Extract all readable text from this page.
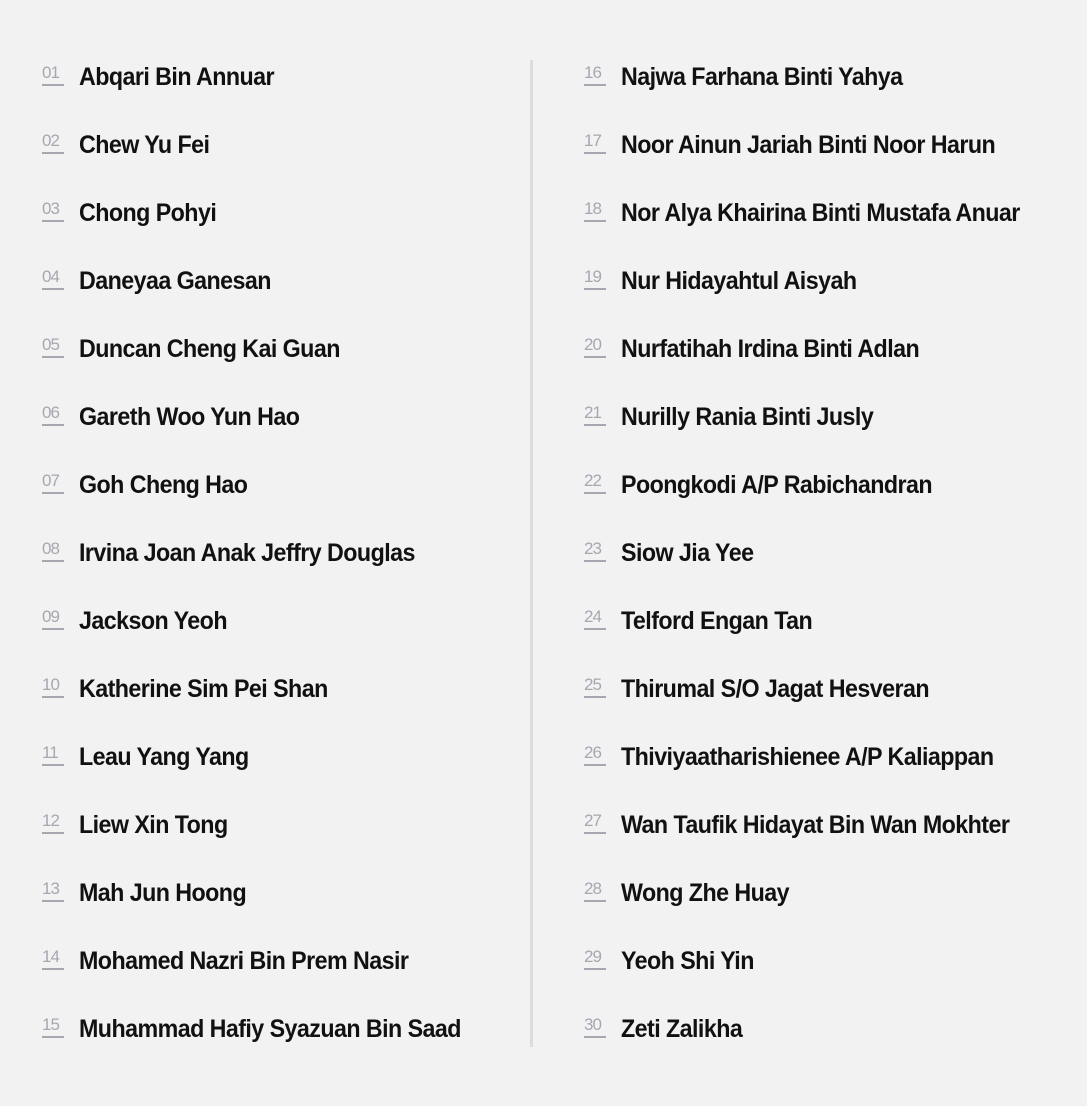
01 Abqari Bin Annuar
02 Chew Yu Fei
03 Chong Pohyi
04 Daneyaa Ganesan
05 Duncan Cheng Kai Guan
06 Gareth Woo Yun Hao
07 Goh Cheng Hao
08 Irvina Joan Anak Jeffry Douglas
09 Jackson Yeoh
10 Katherine Sim Pei Shan
11 Leau Yang Yang
12 Liew Xin Tong
13 Mah Jun Hoong
14 Mohamed Nazri Bin Prem Nasir
15 Muhammad Hafiy Syazuan Bin Saad
16 Najwa Farhana Binti Yahya
17 Noor Ainun Jariah Binti Noor Harun
18 Nor Alya Khairina Binti Mustafa Anuar
19 Nur Hidayahtul Aisyah
20 Nurfatihah Irdina Binti Adlan
21 Nurilly Rania Binti Jusly
22 Poongkodi A/P Rabichandran
23 Siow Jia Yee
24 Telford Engan Tan
25 Thirumal S/O Jagat Hesveran
26 Thiviyaatharishienee A/P Kaliappan
27 Wan Taufik Hidayat Bin Wan Mokhter
28 Wong Zhe Huay
29 Yeoh Shi Yin
30 Zeti Zalikha
